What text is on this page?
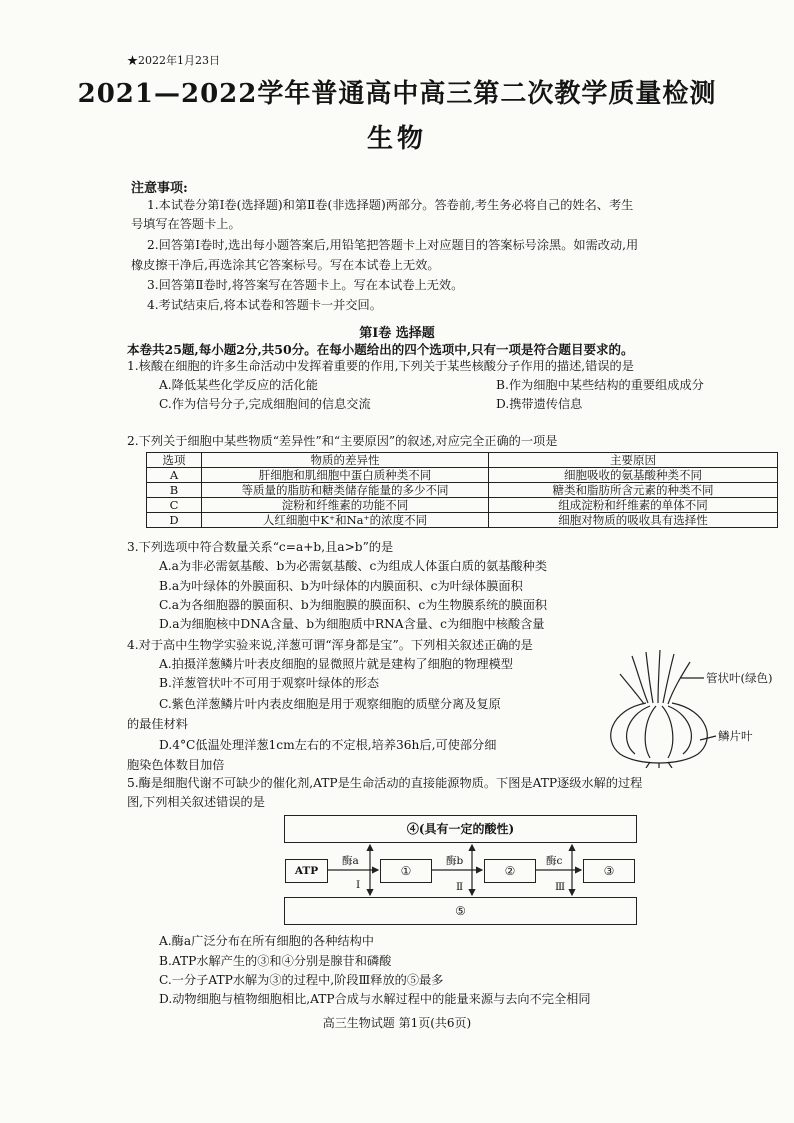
★2022年1月23日
2021—2022学年普通高中高三第二次教学质量检测
生物
注意事项:
1.本试卷分第Ⅰ卷(选择题)和第Ⅱ卷(非选择题)两部分。答卷前,考生务必将自己的姓名、考生
号填写在答题卡上。
2.回答第Ⅰ卷时,选出每小题答案后,用铅笔把答题卡上对应题目的答案标号涂黑。如需改动,用
橡皮擦干净后,再选涂其它答案标号。写在本试卷上无效。
3.回答第Ⅱ卷时,将答案写在答题卡上。写在本试卷上无效。
4.考试结束后,将本试卷和答题卡一并交回。
第Ⅰ卷 选择题
本卷共25题,每小题2分,共50分。在每小题给出的四个选项中,只有一项是符合题目要求的。
1.核酸在细胞的许多生命活动中发挥着重要的作用,下列关于某些核酸分子作用的描述,错误的是
A.降低某些化学反应的活化能	B.作为细胞中某些结构的重要组成成分
C.作为信号分子,完成细胞间的信息交流	D.携带遗传信息
2.下列关于细胞中某些物质“差异性”和“主要原因”的叙述,对应完全正确的一项是
选项	物质的差异性	主要原因
A	肝细胞和肌细胞中蛋白质种类不同	细胞吸收的氨基酸种类不同
B	等质量的脂肪和糖类储存能量的多少不同	糖类和脂肪所含元素的种类不同
C	淀粉和纤维素的功能不同	组成淀粉和纤维素的单体不同
D	人红细胞中K⁺和Na⁺的浓度不同	细胞对物质的吸收具有选择性
3.下列选项中符合数量关系“c=a+b,且a>b”的是
A.a为非必需氨基酸、b为必需氨基酸、c为组成人体蛋白质的氨基酸种类
B.a为叶绿体的外膜面积、b为叶绿体的内膜面积、c为叶绿体膜面积
C.a为各细胞器的膜面积、b为细胞膜的膜面积、c为生物膜系统的膜面积
D.a为细胞核中DNA含量、b为细胞质中RNA含量、c为细胞中核酸含量
4.对于高中生物学实验来说,洋葱可谓“浑身都是宝”。下列相关叙述正确的是
A.拍摄洋葱鳞片叶表皮细胞的显微照片就是建构了细胞的物理模型
B.洋葱管状叶不可用于观察叶绿体的形态
C.紫色洋葱鳞片叶内表皮细胞是用于观察细胞的质壁分离及复原
的最佳材料
D.4°C低温处理洋葱1cm左右的不定根,培养36h后,可使部分细
胞染色体数目加倍
管状叶(绿色)
鳞片叶
5.酶是细胞代谢不可缺少的催化剂,ATP是生命活动的直接能源物质。下图是ATP逐级水解的过程
图,下列相关叙述错误的是
④(具有一定的酸性)
⑤
ATP	①	②	③
酶a	酶b	酶c
Ⅰ	Ⅱ	Ⅲ
A.酶a广泛分布在所有细胞的各种结构中
B.ATP水解产生的③和④分别是腺苷和磷酸
C.一分子ATP水解为③的过程中,阶段Ⅲ释放的⑤最多
D.动物细胞与植物细胞相比,ATP合成与水解过程中的能量来源与去向不完全相同
高三生物试题 第1页(共6页)
